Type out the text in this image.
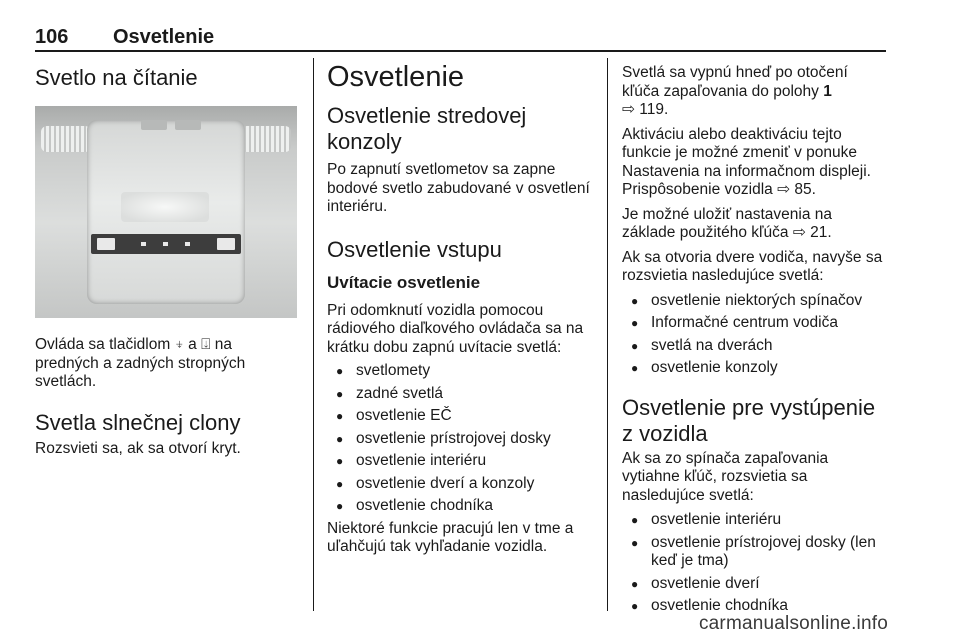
106 Osvetlenie
Svetlo na čítanie

Ovláda sa tlačidlom ⍖ a ⍗ na predných a zadných stropných svetlách.

Svetla slnečnej clony

Rozsvieti sa, ak sa otvorí kryt.

Osvetlenie
Osvetlenie stredovej konzoly

Po zapnutí svetlometov sa zapne bodové svetlo zabudované v osvetlení interiéru.

Osvetlenie vstupu
Uvítacie osvetlenie

Pri odomknutí vozidla pomocou rádiového diaľkového ovládača sa na krátku dobu zapnú uvítacie svetlá:

● svetlomety
● zadné svetlá
● osvetlenie EČ
● osvetlenie prístrojovej dosky
● osvetlenie interiéru
● osvetlenie dverí a konzoly
● osvetlenie chodníka

Niektoré funkcie pracujú len v tme a uľahčujú tak vyhľadanie vozidla.

Svetlá sa vypnú hneď po otočení kľúča zapaľovania do polohy 1
⇨ 119.

Aktiváciu alebo deaktiváciu tejto funkcie je možné zmeniť v ponuke Nastavenia na informačnom displeji. Prispôsobenie vozidla ⇨ 85.

Je možné uložiť nastavenia na základe použitého kľúča ⇨ 21.

Ak sa otvoria dvere vodiča, navyše sa rozsvietia nasledujúce svetlá:

● osvetlenie niektorých spínačov
● Informačné centrum vodiča
● svetlá na dverách
● osvetlenie konzoly
Osvetlenie pre vystúpenie z vozidla

Ak sa zo spínača zapaľovania vytiahne kľúč, rozsvietia sa nasledujúce svetlá:

● osvetlenie interiéru
● osvetlenie prístrojovej dosky (len keď je tma)
● osvetlenie dverí
● osvetlenie chodníka
carmanualsonline.info
